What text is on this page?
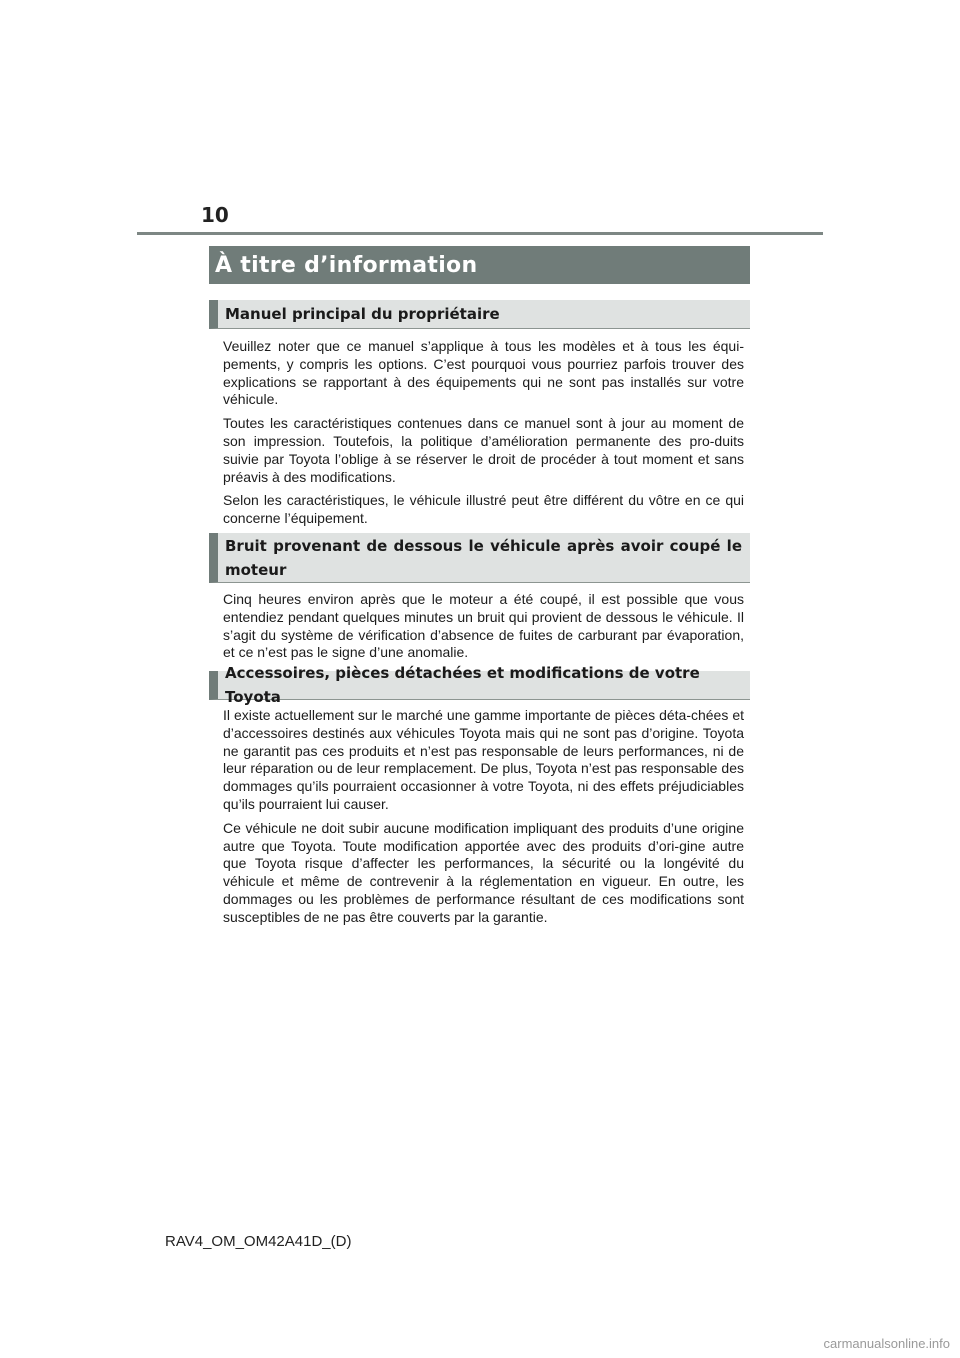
10
À titre d’information
Manuel principal du propriétaire

Veuillez noter que ce manuel s’applique à tous les modèles et à tous les équi-pements, y compris les options. C’est pourquoi vous pourriez parfois trouver des explications se rapportant à des équipements qui ne sont pas installés sur votre véhicule.

Toutes les caractéristiques contenues dans ce manuel sont à jour au moment de son impression. Toutefois, la politique d’amélioration permanente des pro-duits suivie par Toyota l’oblige à se réserver le droit de procéder à tout moment et sans préavis à des modifications.

Selon les caractéristiques, le véhicule illustré peut être différent du vôtre en ce qui concerne l’équipement.

Bruit provenant de dessous le véhicule après avoir coupé le moteur

Cinq heures environ après que le moteur a été coupé, il est possible que vous entendiez pendant quelques minutes un bruit qui provient de dessous le véhicule. Il s’agit du système de vérification d’absence de fuites de carburant par évaporation, et ce n’est pas le signe d’une anomalie.

Accessoires, pièces détachées et modifications de votre Toyota

Il existe actuellement sur le marché une gamme importante de pièces déta-chées et d’accessoires destinés aux véhicules Toyota mais qui ne sont pas d’origine. Toyota ne garantit pas ces produits et n’est pas responsable de leurs performances, ni de leur réparation ou de leur remplacement. De plus, Toyota n’est pas responsable des dommages qu’ils pourraient occasionner à votre Toyota, ni des effets préjudiciables qu’ils pourraient lui causer.

Ce véhicule ne doit subir aucune modification impliquant des produits d’une origine autre que Toyota. Toute modification apportée avec des produits d’ori-gine autre que Toyota risque d’affecter les performances, la sécurité ou la longévité du véhicule et même de contrevenir à la réglementation en vigueur. En outre, les dommages ou les problèmes de performance résultant de ces modifications sont susceptibles de ne pas être couverts par la garantie.

RAV4_OM_OM42A41D_(D)
carmanualsonline.info
